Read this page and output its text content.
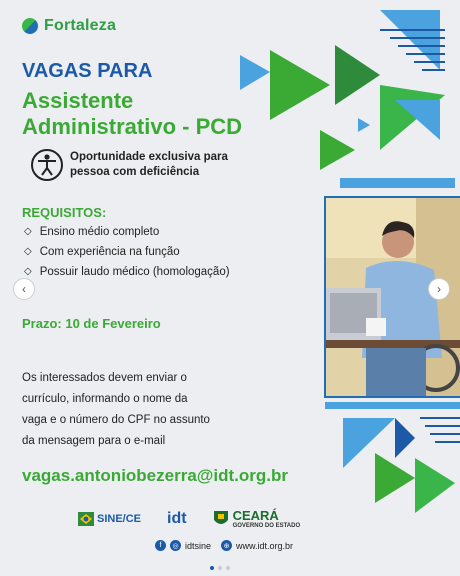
Fortaleza
VAGAS PARA
Assistente
Administrativo - PCD
Oportunidade exclusiva para
pessoa com deficiência
REQUISITOS:
◇ Ensino médio completo
◇ Com experiência na função
◇ Possuir laudo médico (homologação)
Prazo: 10 de Fevereiro
Os interessados devem enviar o
currículo, informando o nome da
vaga e o número do CPF no assunto
da mensagem para o e-mail
vagas.antoniobezerra@idt.org.br
‹	›
SINE/CE idt	CEARÁ
GOVERNO DO ESTADO
f	◎ idtsine	⊕ www.idt.org.br
